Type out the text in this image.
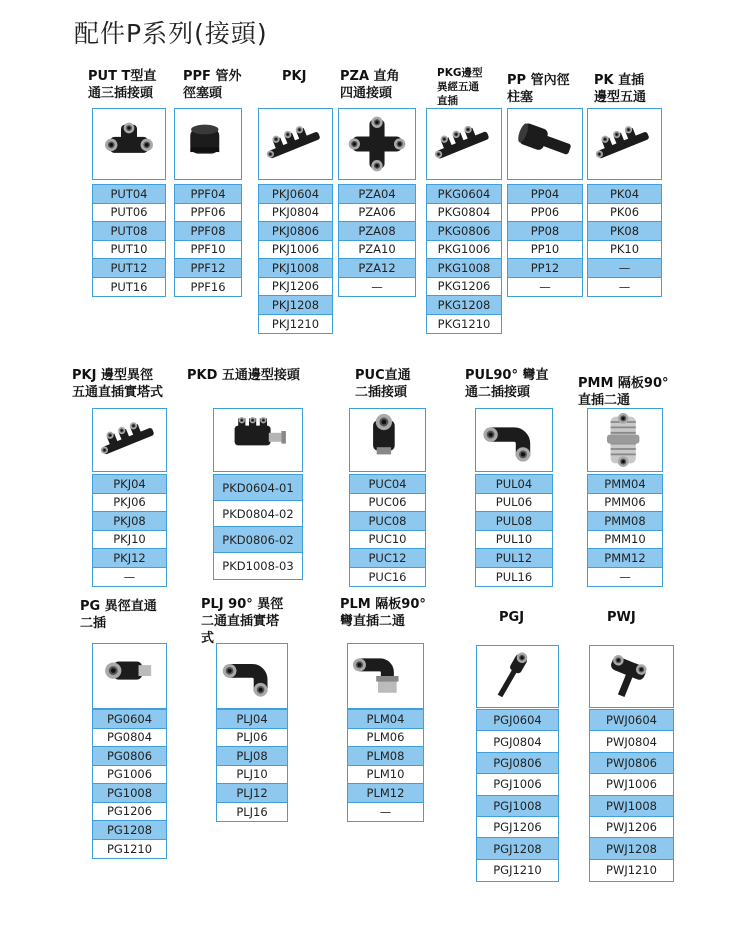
配件P系列(接頭)
PUT T型直
通三插接頭
PUT04
PUT06
PUT08
PUT10
PUT12
PUT16
PPF 管外
徑塞頭
PPF04
PPF06
PPF08
PPF10
PPF12
PPF16
PKJ
PKJ0604
PKJ0804
PKJ0806
PKJ1006
PKJ1008
PKJ1206
PKJ1208
PKJ1210
PZA 直角
四通接頭
PZA04
PZA06
PZA08
PZA10
PZA12
—
PKG邊型
異經五通
直插
PKG0604
PKG0804
PKG0806
PKG1006
PKG1008
PKG1206
PKG1208
PKG1210
PP 管內徑
柱塞
PP04
PP06
PP08
PP10
PP12
—
PK 直插
邊型五通
PK04
PK06
PK08
PK10
—
—
PKJ 邊型異徑
五通直插實塔式
PKJ04
PKJ06
PKJ08
PKJ10
PKJ12
—
PKD 五通邊型接頭
PKD0604-01
PKD0804-02
PKD0806-02
PKD1008-03
PUC直通
二插接頭
PUC04
PUC06
PUC08
PUC10
PUC12
PUC16
PUL90° 彎直
通二插接頭
PUL04
PUL06
PUL08
PUL10
PUL12
PUL16
PMM 隔板90°
直插二通
PMM04
PMM06
PMM08
PMM10
PMM12
—
PG 異徑直通
二插
PG0604
PG0804
PG0806
PG1006
PG1008
PG1206
PG1208
PG1210
PLJ 90° 異徑
二通直插實塔
式
PLJ04
PLJ06
PLJ08
PLJ10
PLJ12
PLJ16
PLM 隔板90°
彎直插二通
PLM04
PLM06
PLM08
PLM10
PLM12
—
PGJ
PGJ0604
PGJ0804
PGJ0806
PGJ1006
PGJ1008
PGJ1206
PGJ1208
PGJ1210
PWJ
PWJ0604
PWJ0804
PWJ0806
PWJ1006
PWJ1008
PWJ1206
PWJ1208
PWJ1210
